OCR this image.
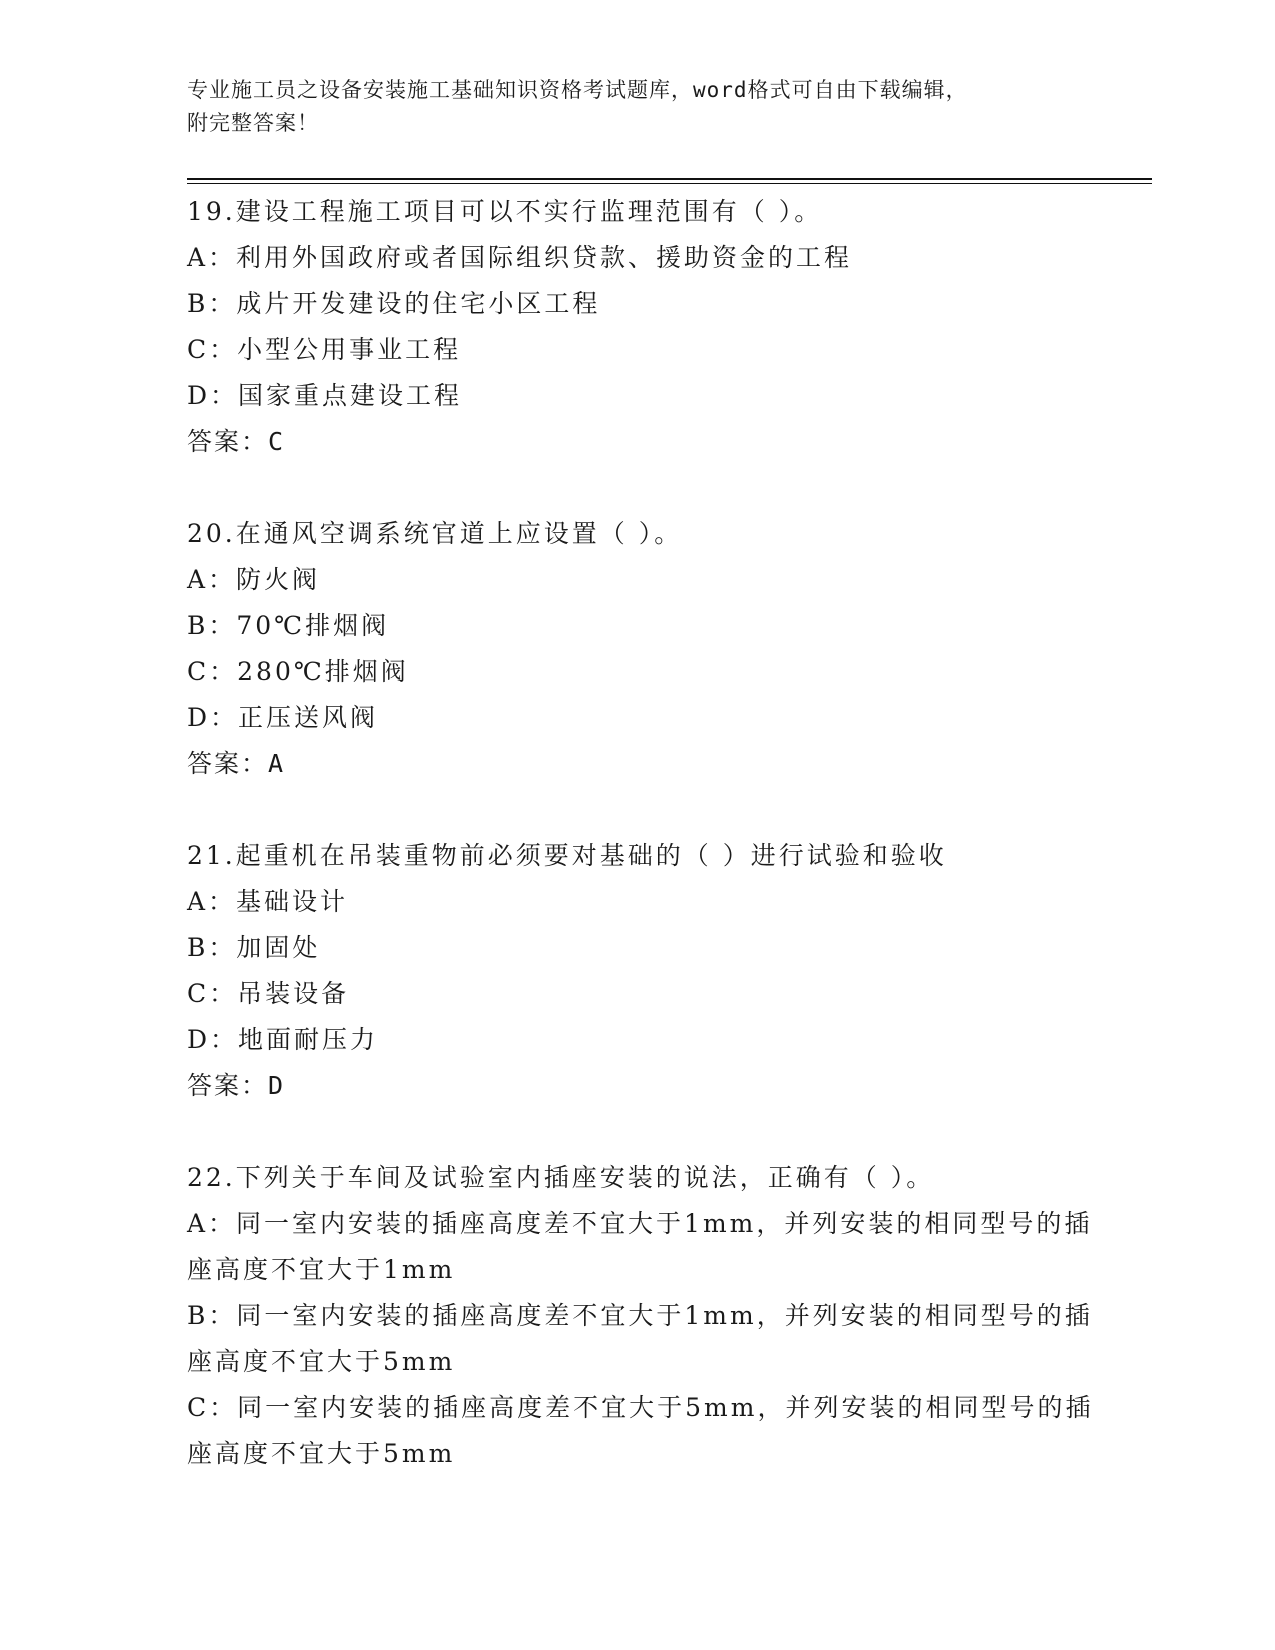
专业施工员之设备安装施工基础知识资格考试题库，word格式可自由下载编辑，
附完整答案！
19.建设工程施工项目可以不实行监理范围有（ ）。
A：利用外国政府或者国际组织贷款、援助资金的工程
B：成片开发建设的住宅小区工程
C：小型公用事业工程
D：国家重点建设工程
答案：C
20.在通风空调系统官道上应设置（ ）。
A：防火阀
B：70℃排烟阀
C：280℃排烟阀
D：正压送风阀
答案：A
21.起重机在吊装重物前必须要对基础的（ ）进行试验和验收
A：基础设计
B：加固处
C：吊装设备
D：地面耐压力
答案：D
22.下列关于车间及试验室内插座安装的说法，正确有（ ）。
A：同一室内安装的插座高度差不宜大于1mm，并列安装的相同型号的插座高度不宜大于1mm
B：同一室内安装的插座高度差不宜大于1mm，并列安装的相同型号的插座高度不宜大于5mm
C：同一室内安装的插座高度差不宜大于5mm，并列安装的相同型号的插座高度不宜大于5mm
